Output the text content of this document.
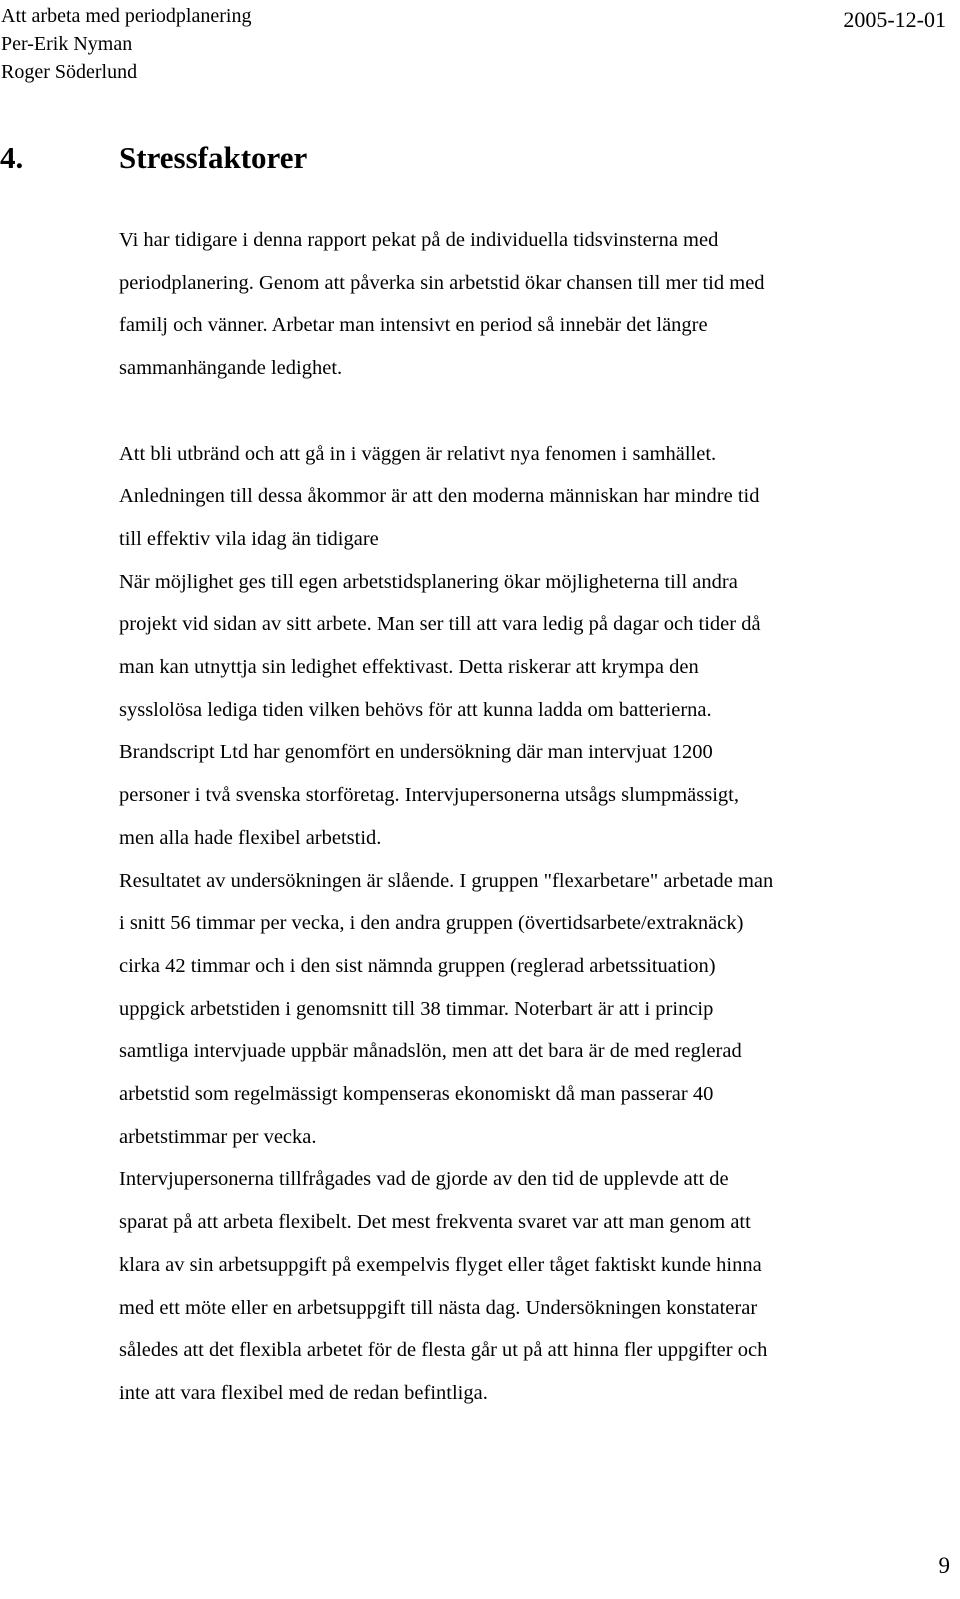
Att arbeta med periodplanering
Per-Erik Nyman
Roger Söderlund
2005-12-01
4.	Stressfaktorer
Vi har tidigare i denna rapport pekat på de individuella tidsvinsterna med
periodplanering. Genom att påverka sin arbetstid ökar chansen till mer tid med
familj och vänner. Arbetar man intensivt en period så innebär det längre
sammanhängande ledighet.
Att bli utbränd och att gå in i väggen är relativt nya fenomen i samhället.
Anledningen till dessa åkommor är att den moderna människan har mindre tid
till effektiv vila idag än tidigare
När möjlighet ges till egen arbetstidsplanering ökar möjligheterna till andra
projekt vid sidan av sitt arbete. Man ser till att vara ledig på dagar och tider då
man kan utnyttja sin ledighet effektivast. Detta riskerar att krympa den
sysslolösa lediga tiden vilken behövs för att kunna ladda om batterierna.
Brandscript Ltd har genomfört en undersökning där man intervjuat 1200
personer i två svenska storföretag. Intervjupersonerna utsågs slumpmässigt,
men alla hade flexibel arbetstid.
Resultatet av undersökningen är slående. I gruppen "flexarbetare" arbetade man
i snitt 56 timmar per vecka, i den andra gruppen (övertidsarbete/extraknäck)
cirka 42 timmar och i den sist nämnda gruppen (reglerad arbetssituation)
uppgick arbetstiden i genomsnitt till 38 timmar. Noterbart är att i princip
samtliga intervjuade uppbär månadslön, men att det bara är de med reglerad
arbetstid som regelmässigt kompenseras ekonomiskt då man passerar 40
arbetstimmar per vecka.
Intervjupersonerna tillfrågades vad de gjorde av den tid de upplevde att de
sparat på att arbeta flexibelt. Det mest frekventa svaret var att man genom att
klara av sin arbetsuppgift på exempelvis flyget eller tåget faktiskt kunde hinna
med ett möte eller en arbetsuppgift till nästa dag. Undersökningen konstaterar
således att det flexibla arbetet för de flesta går ut på att hinna fler uppgifter och
inte att vara flexibel med de redan befintliga.
9
